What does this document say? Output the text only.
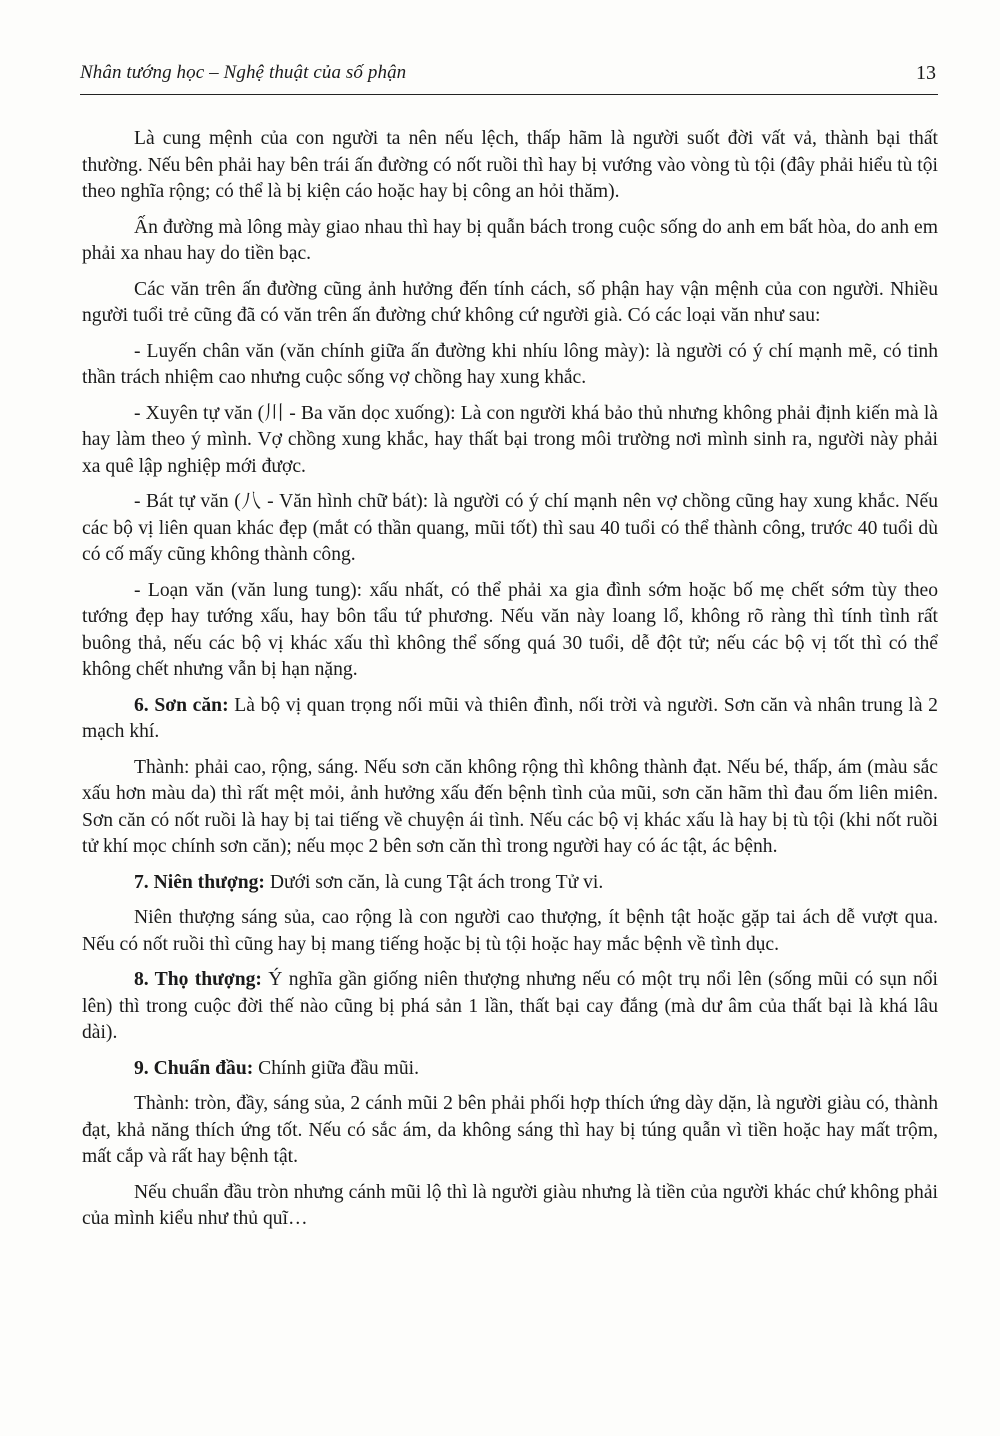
Nhân tướng học – Nghệ thuật của số phận	13

Là cung mệnh của con người ta nên nếu lệch, thấp hãm là người suốt đời vất vả, thành bại thất thường. Nếu bên phải hay bên trái ấn đường có nốt ruồi thì hay bị vướng vào vòng tù tội (đây phải hiểu tù tội theo nghĩa rộng; có thể là bị kiện cáo hoặc hay bị công an hỏi thăm).

Ấn đường mà lông mày giao nhau thì hay bị quẫn bách trong cuộc sống do anh em bất hòa, do anh em phải xa nhau hay do tiền bạc.

Các văn trên ấn đường cũng ảnh hưởng đến tính cách, số phận hay vận mệnh của con người. Nhiều người tuổi trẻ cũng đã có văn trên ấn đường chứ không cứ người già. Có các loại văn như sau:

- Luyến chân văn (văn chính giữa ấn đường khi nhíu lông mày): là người có ý chí mạnh mẽ, có tinh thần trách nhiệm cao nhưng cuộc sống vợ chồng hay xung khắc.

- Xuyên tự văn (川 - Ba văn dọc xuống): Là con người khá bảo thủ nhưng không phải định kiến mà là hay làm theo ý mình. Vợ chồng xung khắc, hay thất bại trong môi trường nơi mình sinh ra, người này phải xa quê lập nghiệp mới được.

- Bát tự văn (八 - Văn hình chữ bát): là người có ý chí mạnh nên vợ chồng cũng hay xung khắc. Nếu các bộ vị liên quan khác đẹp (mắt có thần quang, mũi tốt) thì sau 40 tuổi có thể thành công, trước 40 tuổi dù có cố mấy cũng không thành công.

- Loạn văn (văn lung tung): xấu nhất, có thể phải xa gia đình sớm hoặc bố mẹ chết sớm tùy theo tướng đẹp hay tướng xấu, hay bôn tẩu tứ phương. Nếu văn này loang lổ, không rõ ràng thì tính tình rất buông thả, nếu các bộ vị khác xấu thì không thể sống quá 30 tuổi, dễ đột tử; nếu các bộ vị tốt thì có thể không chết nhưng vẫn bị hạn nặng.

6. Sơn căn: Là bộ vị quan trọng nối mũi và thiên đình, nối trời và người. Sơn căn và nhân trung là 2 mạch khí.

Thành: phải cao, rộng, sáng. Nếu sơn căn không rộng thì không thành đạt. Nếu bé, thấp, ám (màu sắc xấu hơn màu da) thì rất mệt mỏi, ảnh hưởng xấu đến bệnh tình của mũi, sơn căn hãm thì đau ốm liên miên. Sơn căn có nốt ruồi là hay bị tai tiếng về chuyện ái tình. Nếu các bộ vị khác xấu là hay bị tù tội (khi nốt ruồi tử khí mọc chính sơn căn); nếu mọc 2 bên sơn căn thì trong người hay có ác tật, ác bệnh.

7. Niên thượng: Dưới sơn căn, là cung Tật ách trong Tử vi.

Niên thượng sáng sủa, cao rộng là con người cao thượng, ít bệnh tật hoặc gặp tai ách dễ vượt qua. Nếu có nốt ruồi thì cũng hay bị mang tiếng hoặc bị tù tội hoặc hay mắc bệnh về tình dục.

8. Thọ thượng: Ý nghĩa gần giống niên thượng nhưng nếu có một trụ nổi lên (sống mũi có sụn nổi lên) thì trong cuộc đời thế nào cũng bị phá sản 1 lần, thất bại cay đắng (mà dư âm của thất bại là khá lâu dài).

9. Chuẩn đầu: Chính giữa đầu mũi.

Thành: tròn, đầy, sáng sủa, 2 cánh mũi 2 bên phải phối hợp thích ứng dày dặn, là người giàu có, thành đạt, khả năng thích ứng tốt. Nếu có sắc ám, da không sáng thì hay bị túng quẫn vì tiền hoặc hay mất trộm, mất cắp và rất hay bệnh tật.

Nếu chuẩn đầu tròn nhưng cánh mũi lộ thì là người giàu nhưng là tiền của người khác chứ không phải của mình kiểu như thủ quĩ…
